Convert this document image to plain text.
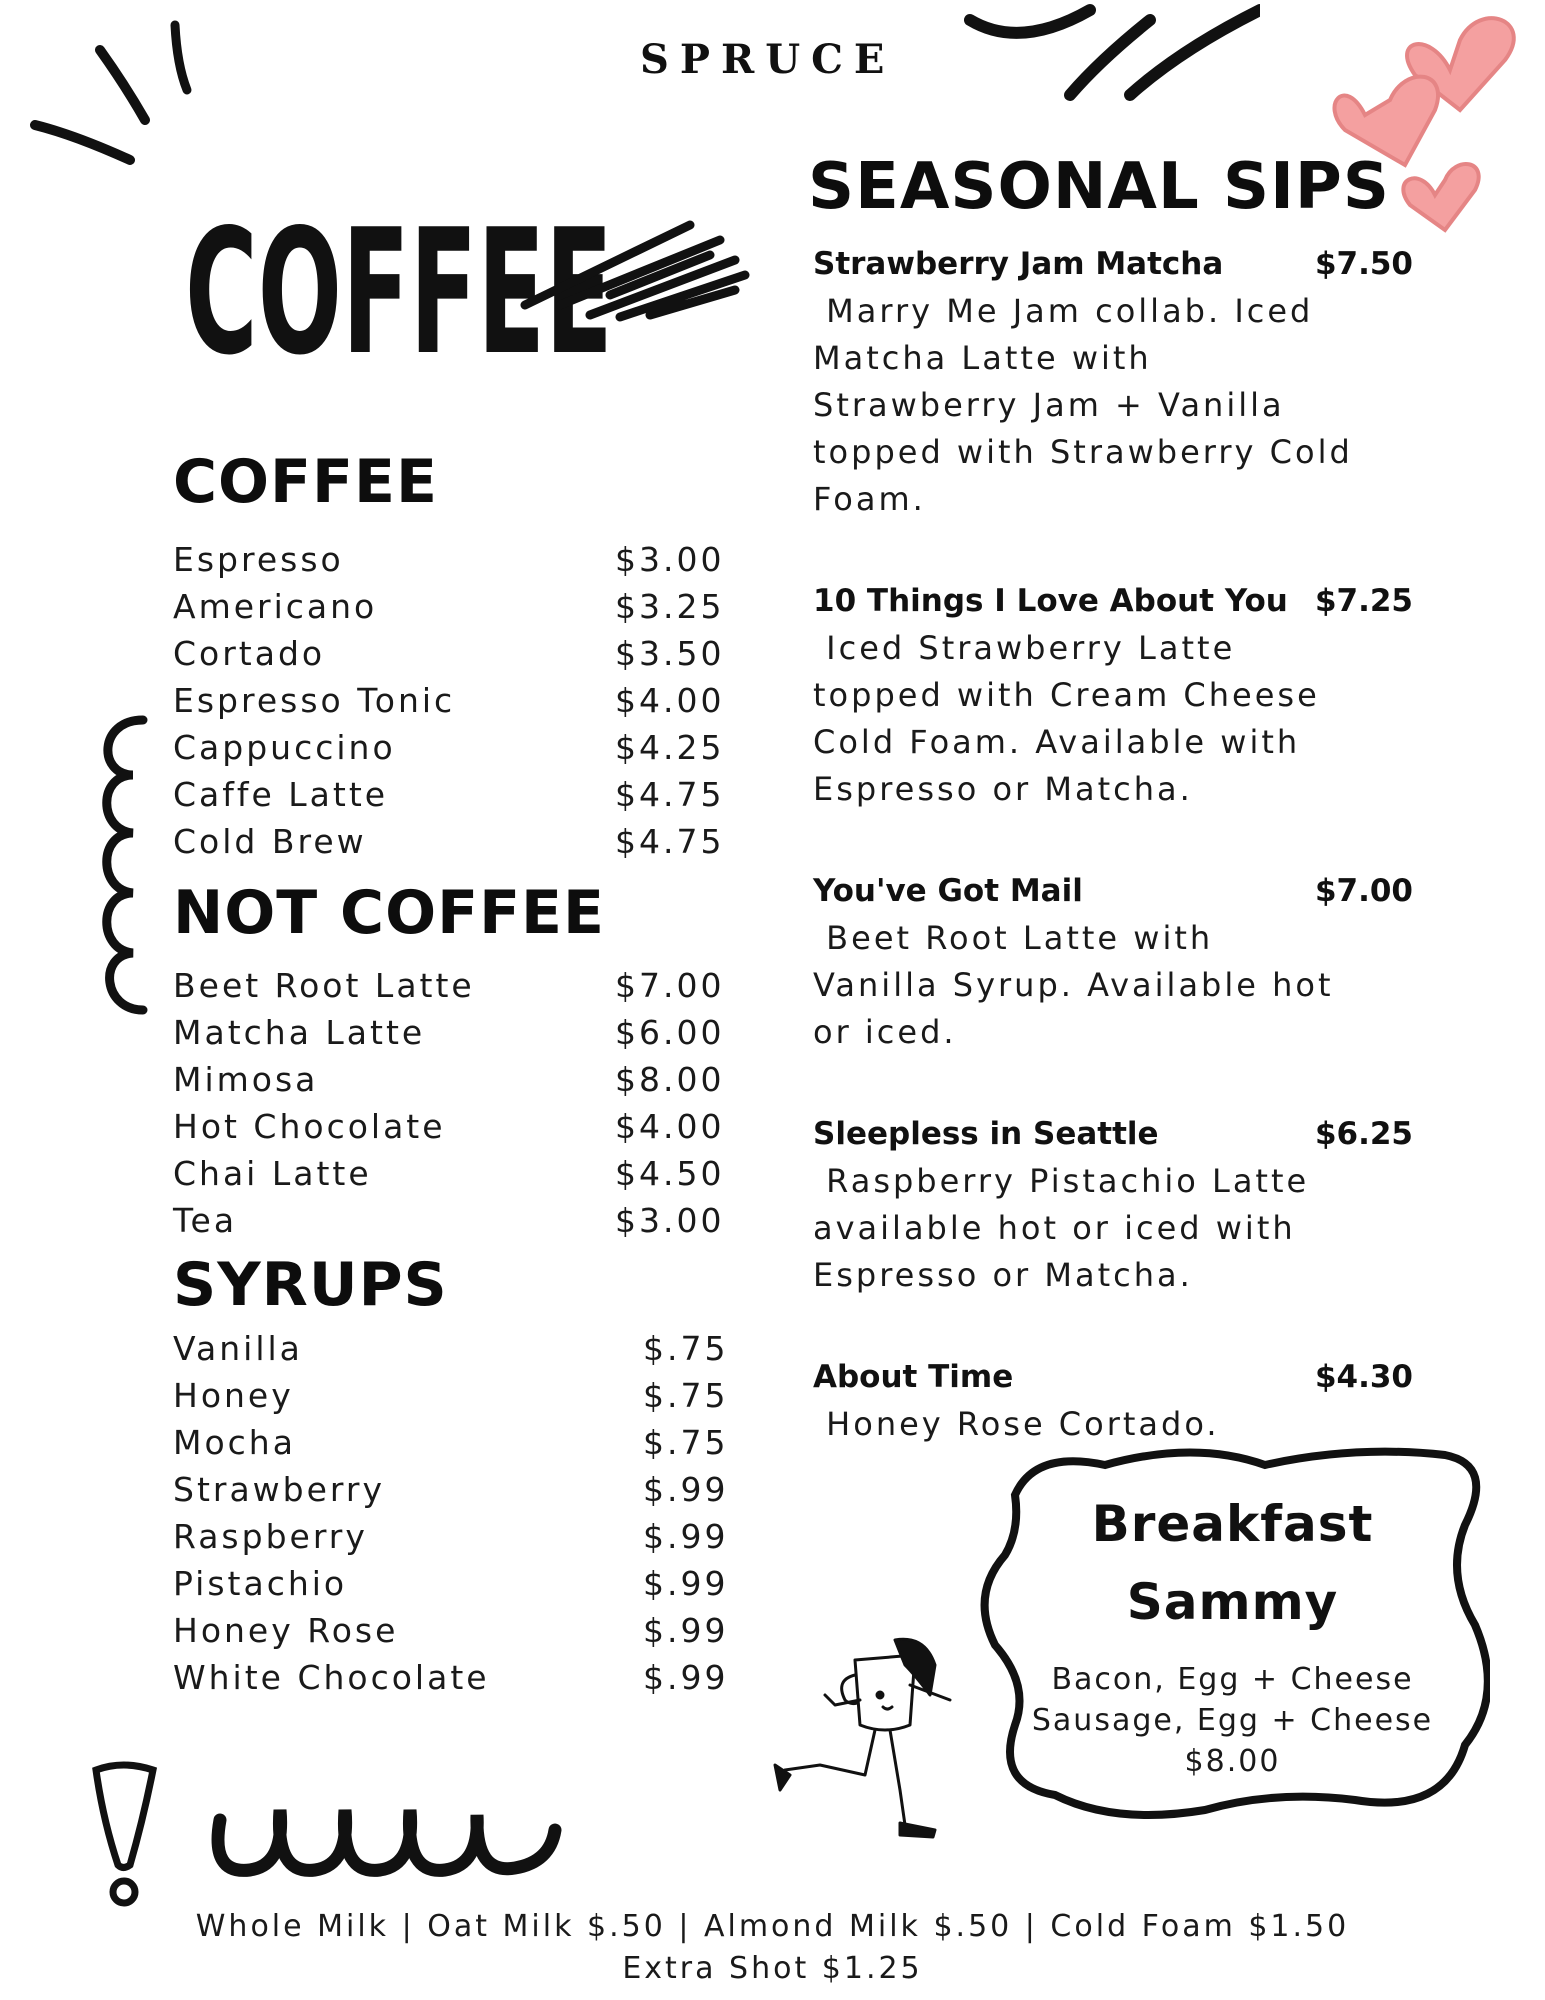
SPRUCE
COFFEE
COFFEE
Espresso	$3.00
Americano	$3.25
Cortado	$3.50
Espresso Tonic	$4.00
Cappuccino	$4.25
Caffe Latte	$4.75
Cold Brew	$4.75
NOT COFFEE
Beet Root Latte	$7.00
Matcha Latte	$6.00
Mimosa	$8.00
Hot Chocolate	$4.00
Chai Latte	$4.50
Tea	$3.00
SYRUPS
Vanilla	$.75
Honey	$.75
Mocha	$.75
Strawberry	$.99
Raspberry	$.99
Pistachio	$.99
Honey Rose	$.99
White Chocolate	$.99
SEASONAL SIPS
Strawberry Jam Matcha	$7.50
Marry Me Jam collab. Iced
Matcha Latte with
Strawberry Jam + Vanilla
topped with Strawberry Cold
Foam.
10 Things I Love About You $7.25
Iced Strawberry Latte
topped with Cream Cheese
Cold Foam. Available with
Espresso or Matcha.
You've Got Mail	$7.00
Beet Root Latte with
Vanilla Syrup. Available hot
or iced.
Sleepless in Seattle	$6.25
Raspberry Pistachio Latte
available hot or iced with
Espresso or Matcha.
About Time	$4.30
Honey Rose Cortado.
Breakfast
Sammy
Bacon, Egg + Cheese
Sausage, Egg + Cheese
$8.00
Whole Milk | Oat Milk $.50 | Almond Milk $.50 | Cold Foam $1.50
Extra Shot $1.25
